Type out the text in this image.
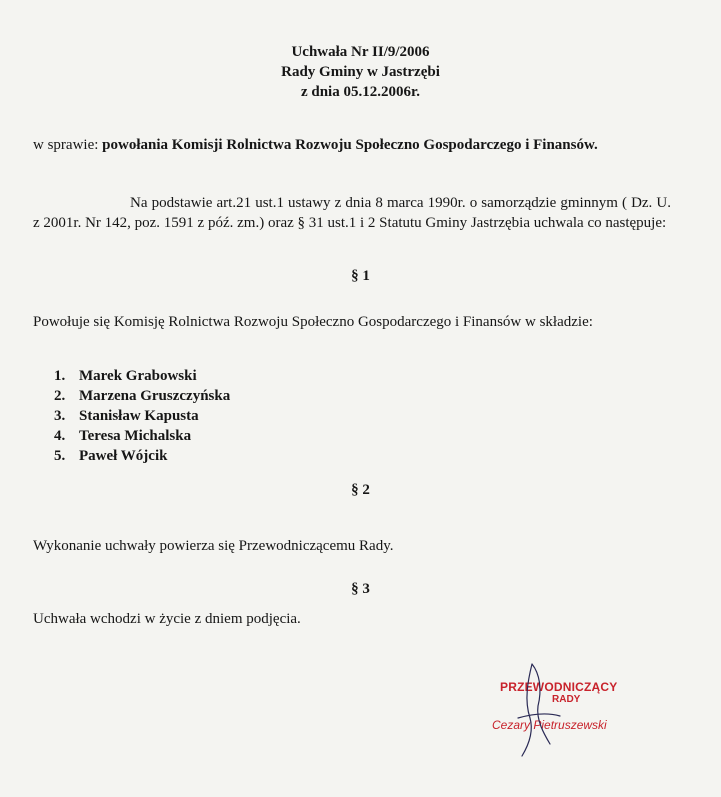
Uchwała Nr II/9/2006
Rady Gminy w Jastrzębi
z dnia 05.12.2006r.
w sprawie: powołania Komisji Rolnictwa Rozwoju Społeczno Gospodarczego i Finansów.
Na podstawie art.21 ust.1 ustawy z dnia 8 marca 1990r. o samorządzie gminnym ( Dz. U. z 2001r. Nr 142, poz. 1591 z póź. zm.) oraz § 31 ust.1 i 2 Statutu Gminy Jastrzębia uchwala co następuje:
§ 1
Powołuje się Komisję Rolnictwa Rozwoju Społeczno Gospodarczego i Finansów w składzie:
1. Marek Grabowski
2. Marzena Gruszczyńska
3. Stanisław Kapusta
4. Teresa Michalska
5. Paweł Wójcik
§ 2
Wykonanie uchwały powierza się Przewodniczącemu Rady.
§ 3
Uchwała wchodzi w życie z dniem podjęcia.
PRZEWODNICZĄCY
RADY
Cezary Pietruszewski
